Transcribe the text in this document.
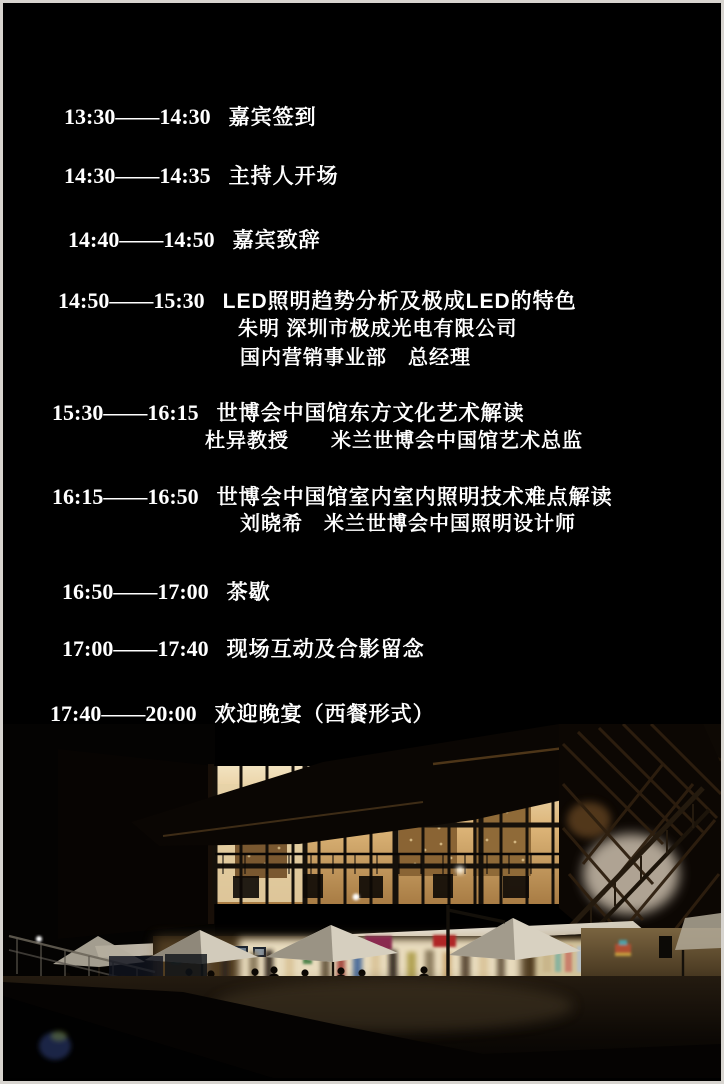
13:30——14:30 嘉宾签到
14:30——14:35 主持人开场
14:40——14:50 嘉宾致辞
14:50——15:30 LED照明趋势分析及极成LED的特色
朱明 深圳市极成光电有限公司
国内营销事业部　总经理
15:30——16:15 世博会中国馆东方文化艺术解读
杜异教授　　米兰世博会中国馆艺术总监
16:15——16:50 世博会中国馆室内室内照明技术难点解读
刘晓希　米兰世博会中国照明设计师
16:50——17:00 茶歇
17:00——17:40 现场互动及合影留念
17:40——20:00 欢迎晚宴（西餐形式）
